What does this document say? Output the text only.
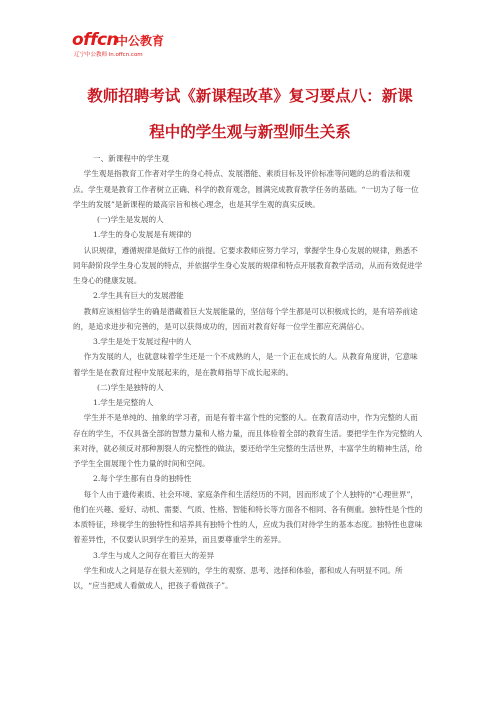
offcn
中公教育
辽宁中公教师 ln.offcn.com
教师招聘考试《新课程改革》复习要点八：新课
程中的学生观与新型师生关系

一、新课程中的学生观

学生观是指教育工作者对学生的身心特点、发展潜能、素质目标及评价标准等问题的总的看法和观点。学生观是教育工作者树立正确、科学的教育观念，圆满完成教育教学任务的基础。“一切为了每一位学生的发展”是新课程的最高宗旨和核心理念，也是其学生观的真实反映。

(一)学生是发展的人

1.学生的身心发展是有规律的

认识规律，遵循规律是做好工作的前提。它要求教师应努力学习，掌握学生身心发展的规律，熟悉不同年龄阶段学生身心发展的特点，并依据学生身心发展的规律和特点开展教育教学活动，从而有效促进学生身心的健康发展。

2.学生具有巨大的发展潜能

教师应该相信学生的确是潜藏着巨大发展能量的，坚信每个学生都是可以积极成长的，是有培养前途的，是追求进步和完善的，是可以获得成功的，因而对教育好每一位学生都应充满信心。

3.学生是处于发展过程中的人

作为发展的人，也就意味着学生还是一个不成熟的人，是一个正在成长的人。从教育角度讲，它意味着学生是在教育过程中发展起来的，是在教师指导下成长起来的。

(二)学生是独特的人

1.学生是完整的人

学生并不是单纯的、抽象的学习者，而是有着丰富个性的完整的人。在教育活动中，作为完整的人而存在的学生，不仅具备全部的智慧力量和人格力量，而且体验着全部的教育生活。要把学生作为完整的人来对待，就必须反对那种割裂人的完整性的做法，要还给学生完整的生活世界，丰富学生的精神生活，给予学生全面展现个性力量的时间和空间。

2.每个学生都有自身的独特性

每个人由于遗传素质、社会环境、家庭条件和生活经历的不同，因而形成了个人独特的“心理世界”，他们在兴趣、爱好、动机、需要、气质、性格、智能和特长等方面各不相同、各有侧重。独特性是个性的本质特征，珍视学生的独特性和培养具有独特个性的人，应成为我们对待学生的基本态度。独特性也意味着差异性，不仅要认识到学生的差异，而且要尊重学生的差异。

3.学生与成人之间存在着巨大的差异

学生和成人之间是存在很大差别的，学生的观察、思考、选择和体验，都和成人有明显不同。所以，“应当把成人看做成人，把孩子看做孩子”。
